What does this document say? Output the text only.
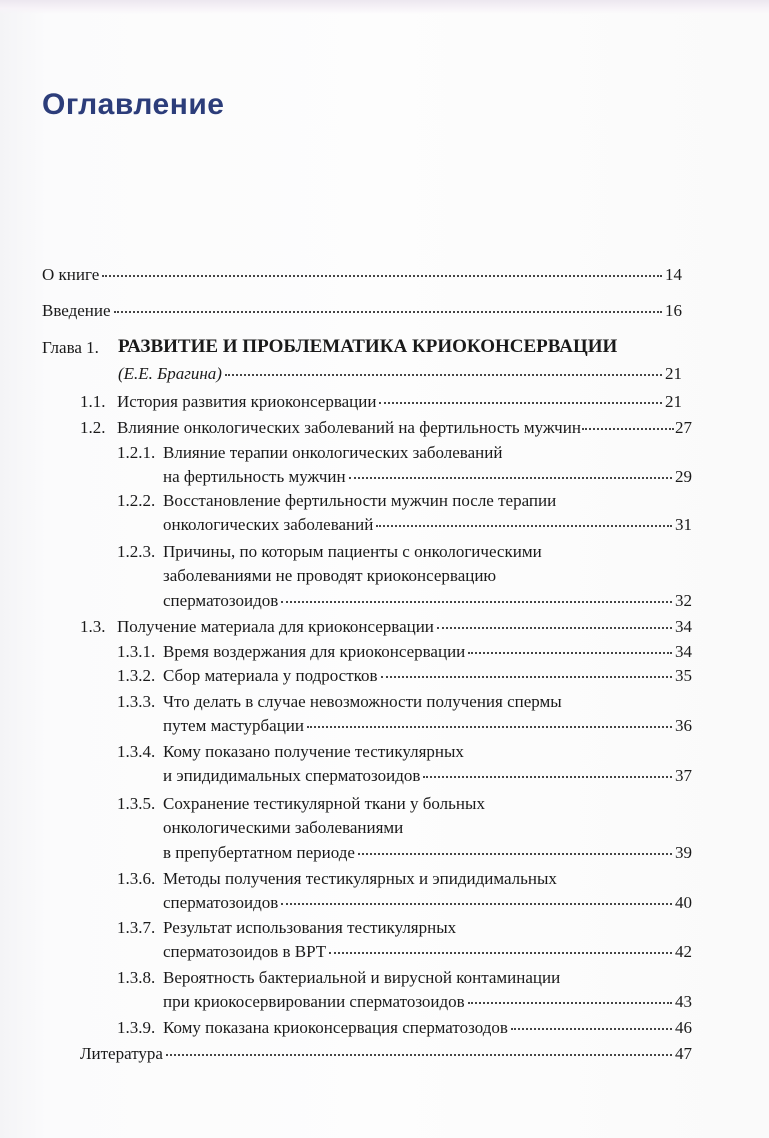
Оглавление
О книге	14
Введение	16
Глава 1. РАЗВИТИЕ И ПРОБЛЕМАТИКА КРИОКОНСЕРВАЦИИ
(Е.Е. Брагина)	21
1.1. История развития криоконсервации	21
1.2. Влияние онкологических заболеваний на фертильность мужчин	27
1.2.1. Влияние терапии онкологических заболеваний
на фертильность мужчин	29
1.2.2. Восстановление фертильности мужчин после терапии
онкологических заболеваний	31
1.2.3. Причины, по которым пациенты с онкологическими
заболеваниями не проводят криоконсервацию
сперматозоидов	32
1.3. Получение материала для криоконсервации	34
1.3.1. Время воздержания для криоконсервации	34
1.3.2. Сбор материала у подростков	35
1.3.3. Что делать в случае невозможности получения спермы
путем мастурбации	36
1.3.4. Кому показано получение тестикулярных
и эпидидимальных сперматозоидов	37
1.3.5. Сохранение тестикулярной ткани у больных
онкологическими заболеваниями
в препубертатном периоде	39
1.3.6. Методы получения тестикулярных и эпидидимальных
сперматозоидов	40
1.3.7. Результат использования тестикулярных
сперматозоидов в ВРТ	42
1.3.8. Вероятность бактериальной и вирусной контаминации
при криокосервировании сперматозоидов	43
1.3.9. Кому показана криоконсервация сперматозодов	46
Литература	47
